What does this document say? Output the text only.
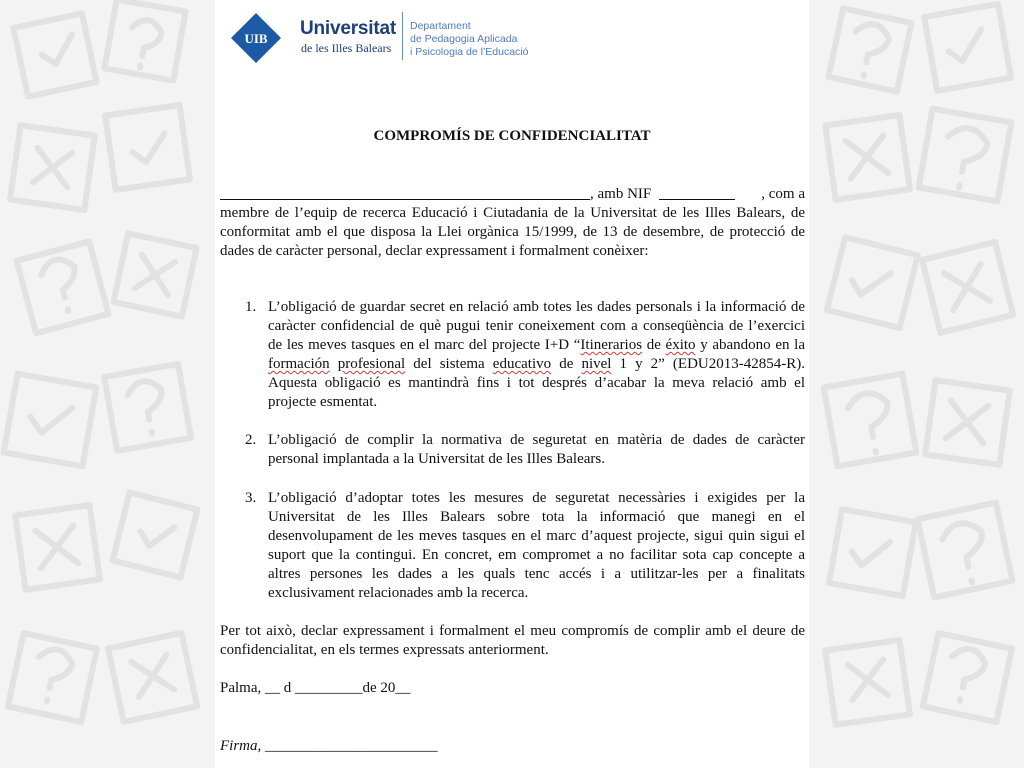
UIB Universitat
de les Illes Balears
Departament
de Pedagogia Aplicada
i Psicologia de l’Educació
COMPROMÍS DE CONFIDENCIALITAT
, amb NIF	, com a
membre de l’equip de recerca Educació i Ciutadania de la Universitat de les Illes Balears, de conformitat amb el que disposa la Llei orgànica 15/1999, de 13 de desembre, de protecció de dades de caràcter personal, declar expressament i formalment conèixer:
1. L’obligació de guardar secret en relació amb totes les dades personals i la informació de caràcter confidencial de què pugui tenir coneixement com a conseqüència de l’exercici de les meves tasques en el marc del projecte I+D “Itinerarios de éxito y abandono en la formación profesional del sistema educativo de nivel 1 y 2” (EDU2013-42854-R). Aquesta obligació es mantindrà fins i tot després d’acabar la meva relació amb el projecte esmentat.
2. L’obligació de complir la normativa de seguretat en matèria de dades de caràcter personal implantada a la Universitat de les Illes Balears.
3. L’obligació d’adoptar totes les mesures de seguretat necessàries i exigides per la Universitat de les Illes Balears sobre tota la informació que manegi en el desenvolupament de les meves tasques en el marc d’aquest projecte, sigui quin sigui el suport que la contingui. En concret, em compromet a no facilitar sota cap concepte a altres persones les dades a les quals tenc accés i a utilitzar-les per a finalitats exclusivament relacionades amb la recerca.
Per tot això, declar expressament i formalment el meu compromís de complir amb el deure de confidencialitat, en els termes expressats anteriorment.
Palma, __ d _________de 20__
Firma, _______________________
